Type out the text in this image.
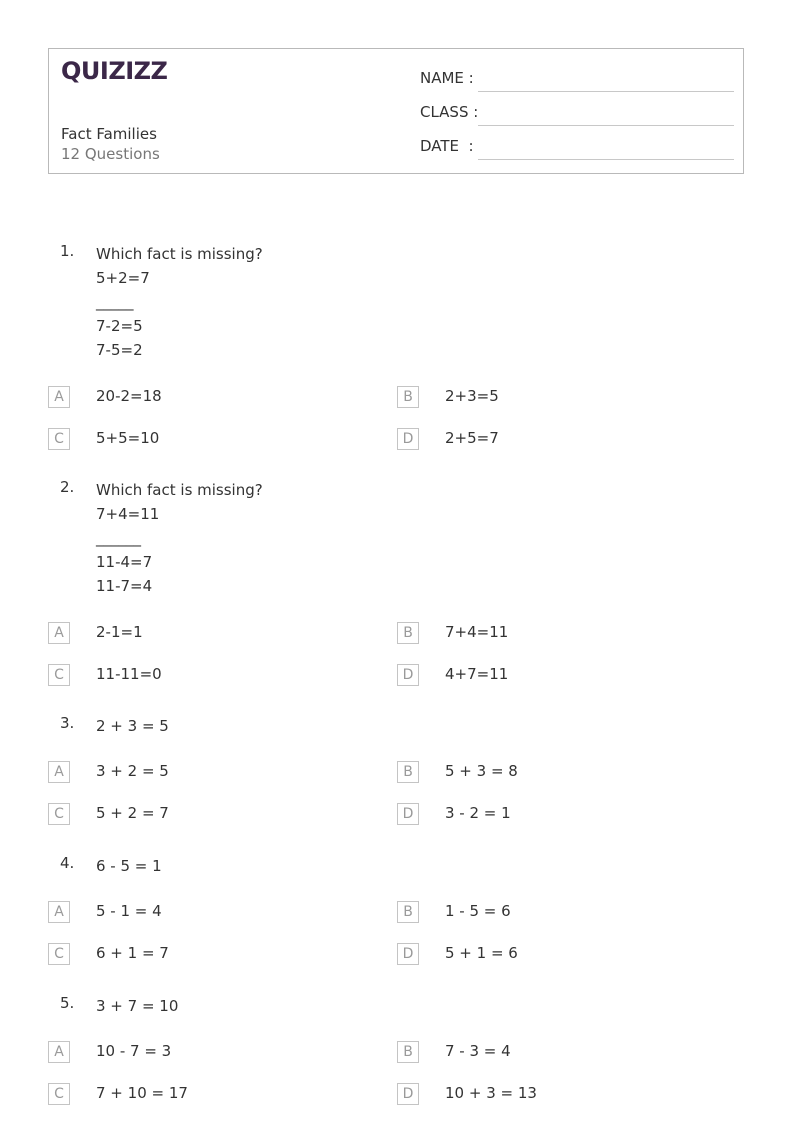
QUIZIZZ
Fact Families
12 Questions
NAME :
CLASS :
DATE  :
1. Which fact is missing?
5+2=7
_____
7-2=5
7-5=2
A	20-2=18	B	2+3=5
C	5+5=10	D	2+5=7
2. Which fact is missing?
7+4=11
______
11-4=7
11-7=4
A	2-1=1	B	7+4=11
C	11-11=0	D	4+7=11
3. 2 + 3 = 5
A	3 + 2 = 5	B	5 + 3 = 8
C	5 + 2 = 7	D	3 - 2 = 1
4. 6 - 5 = 1
A	5 - 1 = 4	B	1 - 5 = 6
C	6 + 1 = 7	D	5 + 1 = 6
5. 3 + 7 = 10
A	10 - 7 = 3	B	7 - 3 = 4
C	7 + 10 = 17	D	10 + 3 = 13
